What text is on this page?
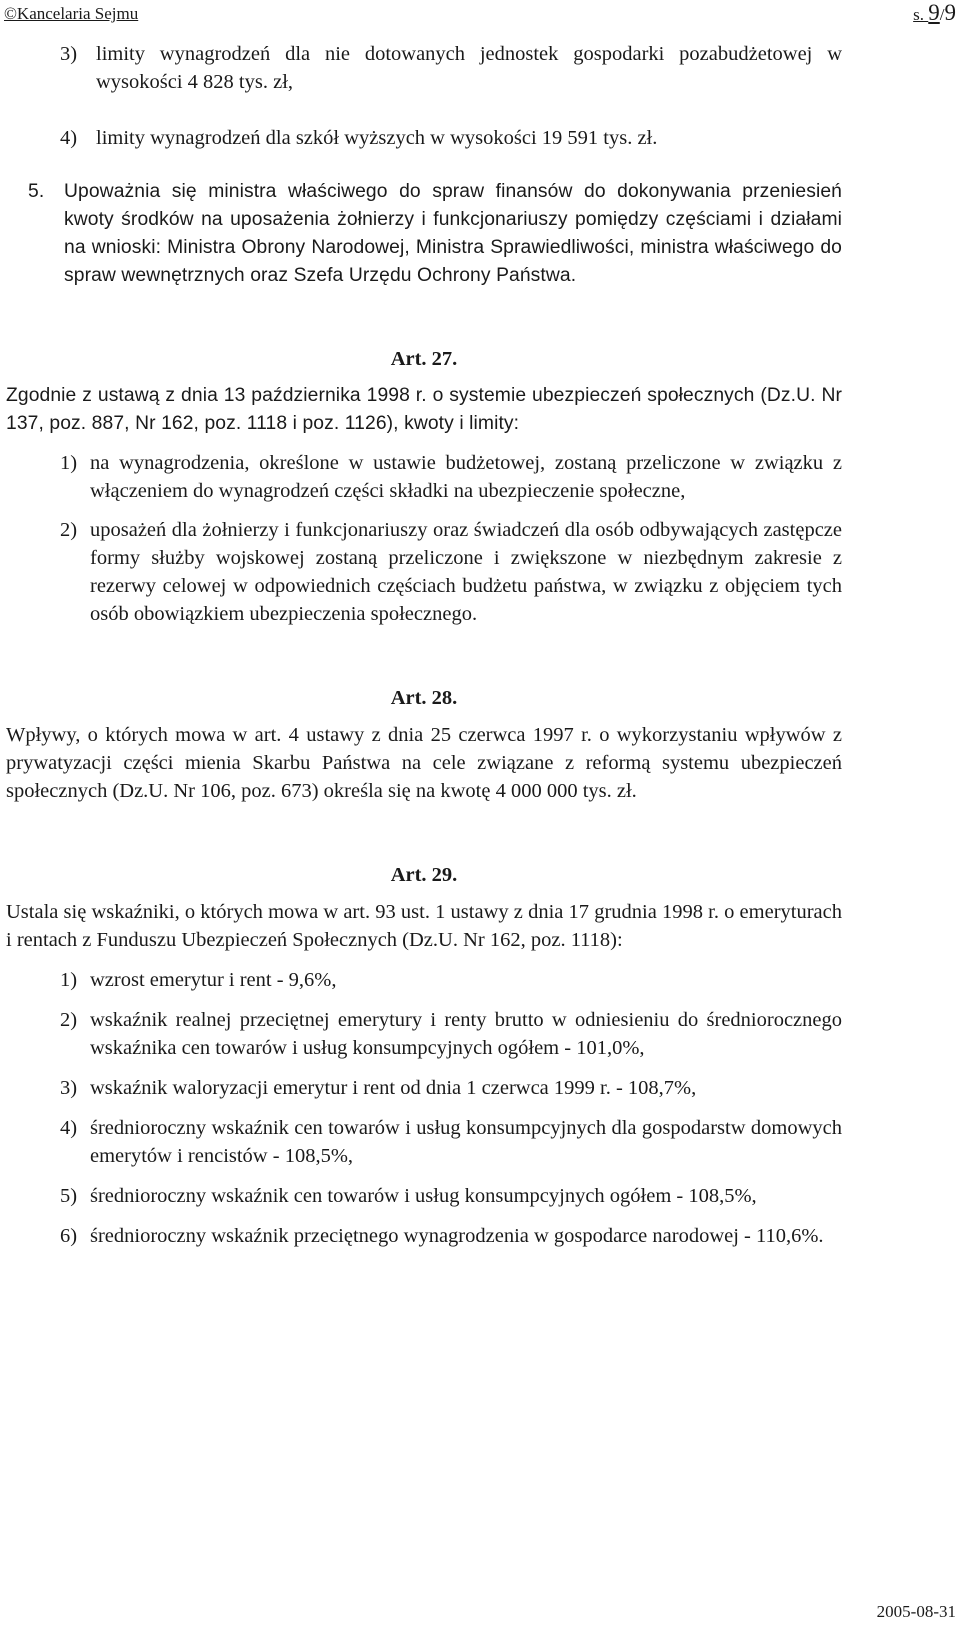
©Kancelaria Sejmu	s. 9/9
3) limity wynagrodzeń dla nie dotowanych jednostek gospodarki pozabudżetowej w wysokości 4 828 tys. zł,
4) limity wynagrodzeń dla szkół wyższych w wysokości 19 591 tys. zł.
5.	Upoważnia się ministra właściwego do spraw finansów do dokonywania przeniesień kwoty środków na uposażenia żołnierzy i funkcjonariuszy pomiędzy częściami i działami na wnioski: Ministra Obrony Narodowej, Ministra Sprawiedliwości, ministra właściwego do spraw wewnętrznych oraz Szefa Urzędu Ochrony Państwa.

Art. 27.

Zgodnie z ustawą z dnia 13 października 1998 r. o systemie ubezpieczeń społecznych (Dz.U. Nr 137, poz. 887, Nr 162, poz. 1118 i poz. 1126), kwoty i limity:

1) na wynagrodzenia, określone w ustawie budżetowej, zostaną przeliczone w związku z włączeniem do wynagrodzeń części składki na ubezpieczenie społeczne,
2) uposażeń dla żołnierzy i funkcjonariuszy oraz świadczeń dla osób odbywających zastępcze formy służby wojskowej zostaną przeliczone i zwiększone w niezbędnym zakresie z rezerwy celowej w odpowiednich częściach budżetu państwa, w związku z objęciem tych osób obowiązkiem ubezpieczenia społecznego.

Art. 28.

Wpływy, o których mowa w art. 4 ustawy z dnia 25 czerwca 1997 r. o wykorzystaniu wpływów z prywatyzacji części mienia Skarbu Państwa na cele związane z reformą systemu ubezpieczeń społecznych (Dz.U. Nr 106, poz. 673) określa się na kwotę 4 000 000 tys. zł.

Art. 29.

Ustala się wskaźniki, o których mowa w art. 93 ust. 1 ustawy z dnia 17 grudnia 1998 r. o emeryturach i rentach z Funduszu Ubezpieczeń Społecznych (Dz.U. Nr 162, poz. 1118):

1) wzrost emerytur i rent - 9,6%,
2) wskaźnik realnej przeciętnej emerytury i renty brutto w odniesieniu do średniorocznego wskaźnika cen towarów i usług konsumpcyjnych ogółem - 101,0%,
3) wskaźnik waloryzacji emerytur i rent od dnia 1 czerwca 1999 r. - 108,7%,
4) średnioroczny wskaźnik cen towarów i usług konsumpcyjnych dla gospodarstw domowych emerytów i rencistów - 108,5%,
5) średnioroczny wskaźnik cen towarów i usług konsumpcyjnych ogółem - 108,5%,
6) średnioroczny wskaźnik przeciętnego wynagrodzenia w gospodarce narodowej - 110,6%.
2005-08-31
